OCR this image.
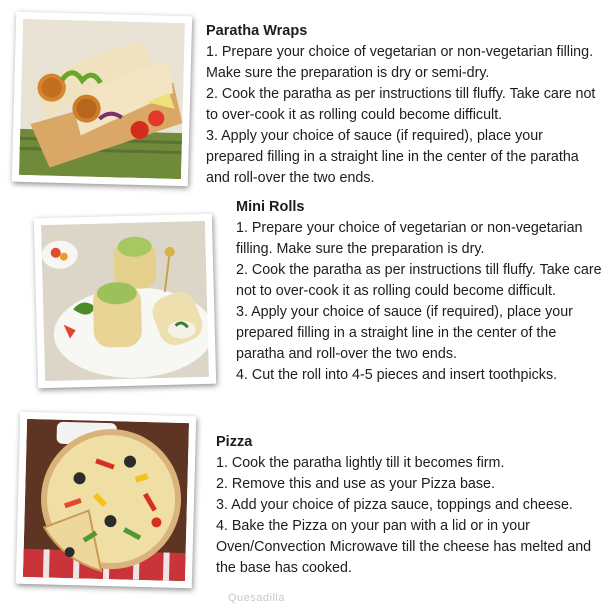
Paratha Wraps

1. Prepare your choice of vegetarian or non-vegetarian filling. Make sure the preparation is dry or semi-dry.

2. Cook the paratha as per instructions till fluffy. Take care not to over-cook it as rolling could become difficult.

3. Apply your choice of sauce (if required), place your prepared filling in a straight line in the center of the paratha and roll-over the two ends.

Mini Rolls

1. Prepare your choice of vegetarian or non-vegetarian filling. Make sure the preparation is dry.

2. Cook the paratha as per instructions till fluffy. Take care not to over-cook it as rolling could become difficult.

3. Apply your choice of sauce (if required), place your prepared filling in a straight line in the center of the paratha and roll-over the two ends.

4. Cut the roll into 4-5 pieces and insert toothpicks.

Pizza

1. Cook the paratha lightly till it becomes firm.

2. Remove this and use as your Pizza base.

3. Add your choice of pizza sauce, toppings and cheese.

4. Bake the Pizza on your pan with a lid or in your Oven/Convection Microwave till the cheese has melted and the base has cooked.

Quesadilla
